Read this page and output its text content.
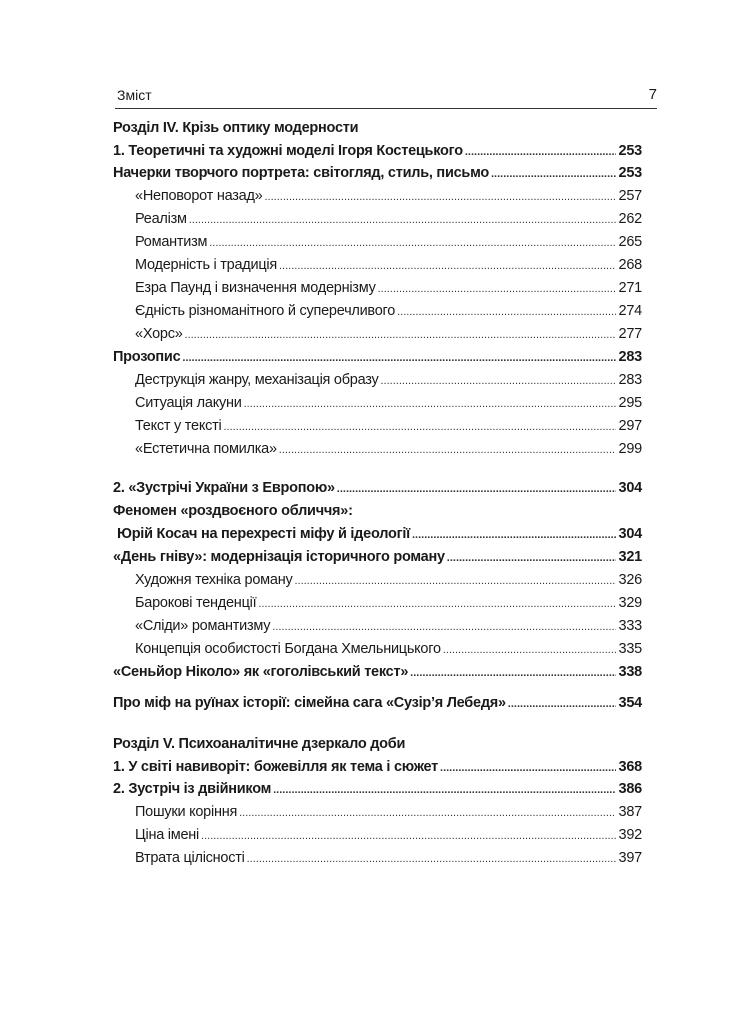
Зміст	7
Розділ IV. Крізь оптику модерности
1. Теоретичні та художні моделі Ігоря Костецького .....	253
Начерки творчого портрета: світогляд, стиль, письмо .....	253
«Неповорот назад» .....	257
Реалізм .....	262
Романтизм .....	265
Модерність і традиція .....	268
Езра Паунд і визначення модернізму .....	271
Єдність різноманітного й суперечливого .....	274
«Хорс» .....	277
Прозопис .....	283
Деструкція жанру, механізація образу .....	283
Ситуація лакуни .....	295
Текст у тексті .....	297
«Естетична помилка» .....	299
2. «Зустрічі України з Европою» .....	304
Феномен «роздвоєного обличчя»:
Юрій Косач на перехресті міфу й ідеології .....	304
«День гніву»: модернізація історичного роману .....	321
Художня техніка роману .....	326
Барокові тенденції .....	329
«Сліди» романтизму .....	333
Концепція особистості Богдана Хмельницького .....	335
«Сеньйор Ніколо» як «гоголівський текст» .....	338
Про міф на руїнах історії: сімейна сага «Сузір’я Лебедя» .....	354
Розділ V. Психоаналітичне дзеркало доби
1. У світі навиворіт: божевілля як тема і сюжет .....	368
2. Зустріч із двійником .....	386
Пошуки коріння .....	387
Ціна імені .....	392
Втрата цілісності .....	397
